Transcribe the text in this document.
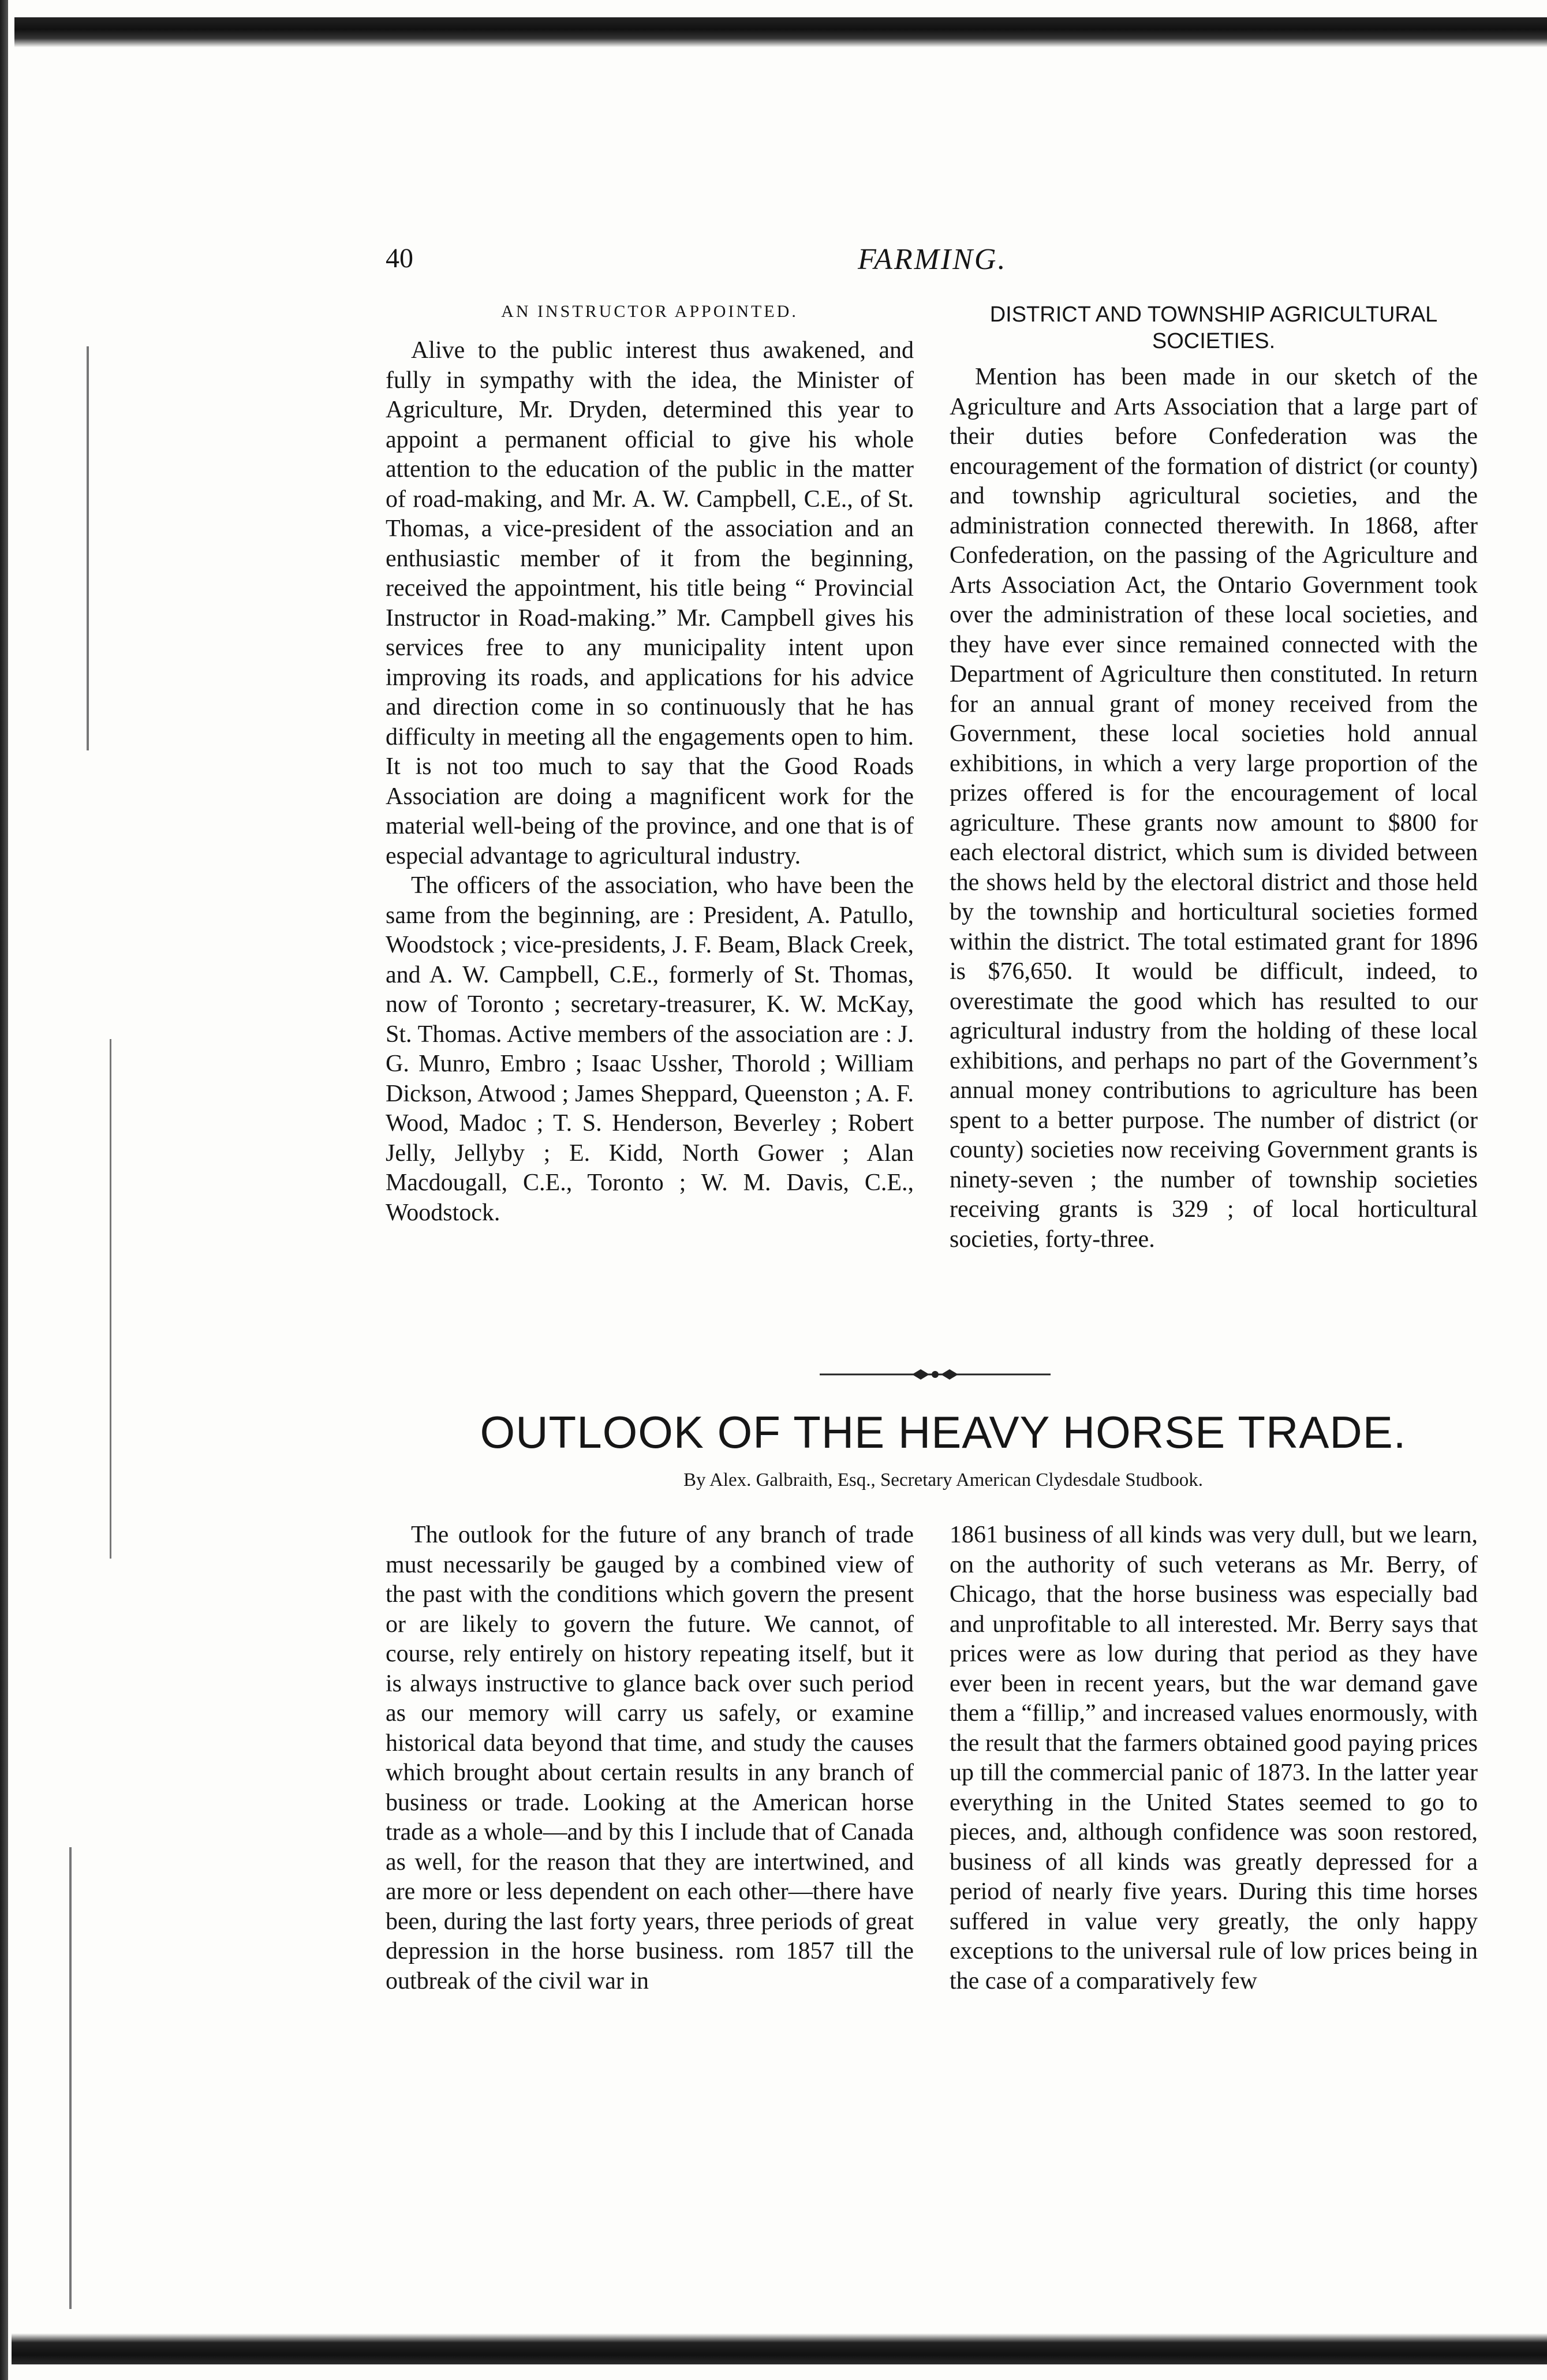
40	FARMING.
AN INSTRUCTOR APPOINTED.

Alive to the public interest thus awakened, and fully in sympathy with the idea, the Minister of Agriculture, Mr. Dryden, determined this year to appoint a permanent official to give his whole attention to the education of the public in the matter of road-making, and Mr. A. W. Campbell, C.E., of St. Thomas, a vice-president of the association and an enthusiastic member of it from the beginning, received the appointment, his title being “ Provincial Instructor in Road-making.” Mr. Campbell gives his services free to any municipality intent upon improving its roads, and applications for his advice and direction come in so continuously that he has difficulty in meeting all the engagements open to him. It is not too much to say that the Good Roads Association are doing a magnificent work for the material well-being of the province, and one that is of especial advantage to agricultural industry.

The officers of the association, who have been the same from the beginning, are : President, A. Patullo, Woodstock ; vice-presidents, J. F. Beam, Black Creek, and A. W. Campbell, C.E., formerly of St. Thomas, now of Toronto ; secretary-treasurer, K. W. McKay, St. Thomas. Active members of the association are : J. G. Munro, Embro ; Isaac Ussher, Thorold ; William Dickson, Atwood ; James Sheppard, Queenston ; A. F. Wood, Madoc ; T. S. Henderson, Beverley ; Robert Jelly, Jellyby ; E. Kidd, North Gower ; Alan Macdougall, C.E., Toronto ; W. M. Davis, C.E., Woodstock.

DISTRICT AND TOWNSHIP AGRICULTURAL SOCIETIES.

Mention has been made in our sketch of the Agriculture and Arts Association that a large part of their duties before Confederation was the encouragement of the formation of district (or county) and township agricultural societies, and the administration connected therewith. In 1868, after Confederation, on the passing of the Agriculture and Arts Association Act, the Ontario Government took over the administration of these local societies, and they have ever since remained connected with the Department of Agriculture then constituted. In return for an annual grant of money received from the Government, these local societies hold annual exhibitions, in which a very large proportion of the prizes offered is for the encouragement of local agriculture. These grants now amount to $800 for each electoral district, which sum is divided between the shows held by the electoral district and those held by the township and horticultural societies formed within the district. The total estimated grant for 1896 is $76,650. It would be difficult, indeed, to overestimate the good which has resulted to our agricultural industry from the holding of these local exhibitions, and perhaps no part of the Government’s annual money contributions to agriculture has been spent to a better purpose. The number of district (or county) societies now receiving Government grants is ninety-seven ; the number of township societies receiving grants is 329 ; of local horticultural societies, forty-three.

OUTLOOK OF THE HEAVY HORSE TRADE.
By Alex. Galbraith, Esq., Secretary American Clydesdale Studbook.

The outlook for the future of any branch of trade must necessarily be gauged by a combined view of the past with the conditions which govern the present or are likely to govern the future. We cannot, of course, rely entirely on history repeating itself, but it is always instructive to glance back over such period as our memory will carry us safely, or examine historical data beyond that time, and study the causes which brought about certain results in any branch of business or trade. Looking at the American horse trade as a whole—and by this I include that of Canada as well, for the reason that they are intertwined, and are more or less dependent on each other—there have been, during the last forty years, three periods of great depression in the horse business. rom 1857 till the outbreak of the civil war in

1861 business of all kinds was very dull, but we learn, on the authority of such veterans as Mr. Berry, of Chicago, that the horse business was especially bad and unprofitable to all interested. Mr. Berry says that prices were as low during that period as they have ever been in recent years, but the war demand gave them a “fillip,” and increased values enormously, with the result that the farmers obtained good paying prices up till the commercial panic of 1873. In the latter year everything in the United States seemed to go to pieces, and, although confidence was soon restored, business of all kinds was greatly depressed for a period of nearly five years. During this time horses suffered in value very greatly, the only happy exceptions to the universal rule of low prices being in the case of a comparatively few
